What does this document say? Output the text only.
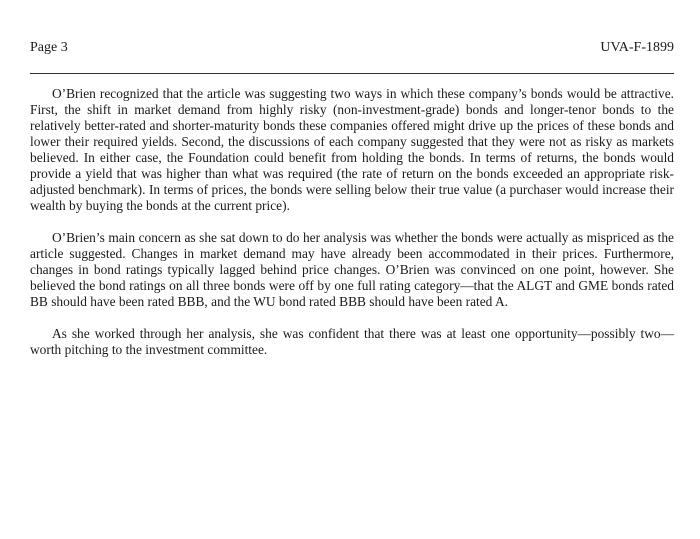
Page 3	UVA-F-1899

O’Brien recognized that the article was suggesting two ways in which these company’s bonds would be attractive. First, the shift in market demand from highly risky (non-investment-grade) bonds and longer-tenor bonds to the relatively better-rated and shorter-maturity bonds these companies offered might drive up the prices of these bonds and lower their required yields. Second, the discussions of each company suggested that they were not as risky as markets believed. In either case, the Foundation could benefit from holding the bonds. In terms of returns, the bonds would provide a yield that was higher than what was required (the rate of return on the bonds exceeded an appropriate risk-adjusted benchmark). In terms of prices, the bonds were selling below their true value (a purchaser would increase their wealth by buying the bonds at the current price).

O’Brien’s main concern as she sat down to do her analysis was whether the bonds were actually as mispriced as the article suggested. Changes in market demand may have already been accommodated in their prices. Furthermore, changes in bond ratings typically lagged behind price changes. O’Brien was convinced on one point, however. She believed the bond ratings on all three bonds were off by one full rating category—that the ALGT and GME bonds rated BB should have been rated BBB, and the WU bond rated BBB should have been rated A.

As she worked through her analysis, she was confident that there was at least one opportunity—possibly two—worth pitching to the investment committee.
